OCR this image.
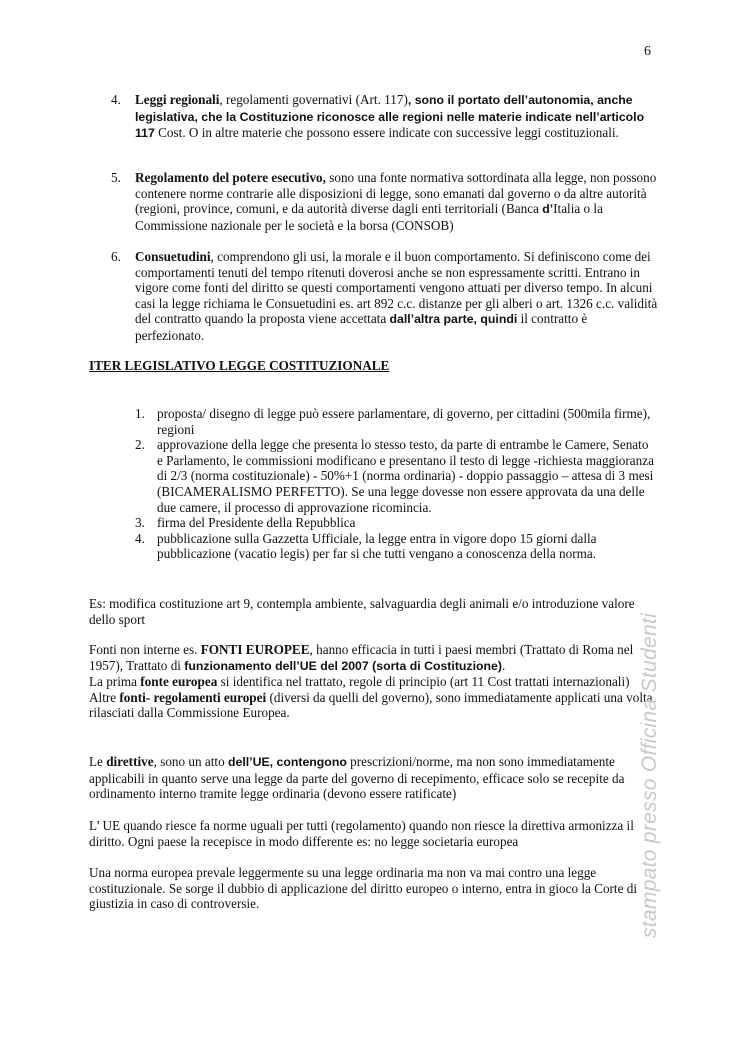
6
4.	Leggi regionali, regolamenti governativi (Art. 117), sono il portato dell’autonomia, anche legislativa, che la Costituzione riconosce alle regioni nelle materie indicate nell’articolo 117 Cost. O in altre materie che possono essere indicate con successive leggi costituzionali.
5.	Regolamento del potere esecutivo, sono una fonte normativa sottordinata alla legge, non possono contenere norme contrarie alle disposizioni di legge, sono emanati dal governo o da altre autorità (regioni, province, comuni, e da autorità diverse dagli enti territoriali (Banca d’Italia o la Commissione nazionale per le società e la borsa (CONSOB)
6.	Consuetudini, comprendono gli usi, la morale e il buon comportamento. Si definiscono come dei comportamenti tenuti del tempo ritenuti doverosi anche se non espressamente scritti. Entrano in vigore come fonti del diritto se questi comportamenti vengono attuati per diverso tempo. In alcuni casi la legge richiama le Consuetudini es. art 892 c.c. distanze per gli alberi o art. 1326 c.c. validità del contratto quando la proposta viene accettata dall’altra parte, quindi il contratto è perfezionato.
ITER LEGISLATIVO LEGGE COSTITUZIONALE
1. proposta/ disegno di legge può essere parlamentare, di governo, per cittadini (500mila firme), regioni
2. approvazione della legge che presenta lo stesso testo, da parte di entrambe le Camere, Senato e Parlamento, le commissioni modificano e presentano il testo di legge -richiesta maggioranza di 2/3 (norma costituzionale) - 50%+1 (norma ordinaria) - doppio passaggio – attesa di 3 mesi (BICAMERALISMO PERFETTO). Se una legge dovesse non essere approvata da una delle due camere, il processo di approvazione ricomincia.
3. firma del Presidente della Repubblica
4. pubblicazione sulla Gazzetta Ufficiale, la legge entra in vigore dopo 15 giorni dalla pubblicazione (vacatio legis) per far si che tutti vengano a conoscenza della norma.

Es: modifica costituzione art 9, contempla ambiente, salvaguardia degli animali e/o introduzione valore dello sport

Fonti non interne es. FONTI EUROPEE, hanno efficacia in tutti i paesi membri (Trattato di Roma nel 1957), Trattato di funzionamento dell’UE del 2007 (sorta di Costituzione).
La prima fonte europea si identifica nel trattato, regole di principio (art 11 Cost trattati internazionali)
Altre fonti- regolamenti europei (diversi da quelli del governo), sono immediatamente applicati una volta rilasciati dalla Commissione Europea.

Le direttive, sono un atto dell’UE, contengono prescrizioni/norme, ma non sono immediatamente applicabili in quanto serve una legge da parte del governo di recepimento, efficace solo se recepite da ordinamento interno tramite legge ordinaria (devono essere ratificate)

L’ UE quando riesce fa norme uguali per tutti (regolamento) quando non riesce la direttiva armonizza il diritto. Ogni paese la recepisce in modo differente es: no legge societaria europea

Una norma europea prevale leggermente su una legge ordinaria ma non va mai contro una legge costituzionale. Se sorge il dubbio di applicazione del diritto europeo o interno, entra in gioco la Corte di giustizia in caso di controversie.	stampato presso Officina Studenti
